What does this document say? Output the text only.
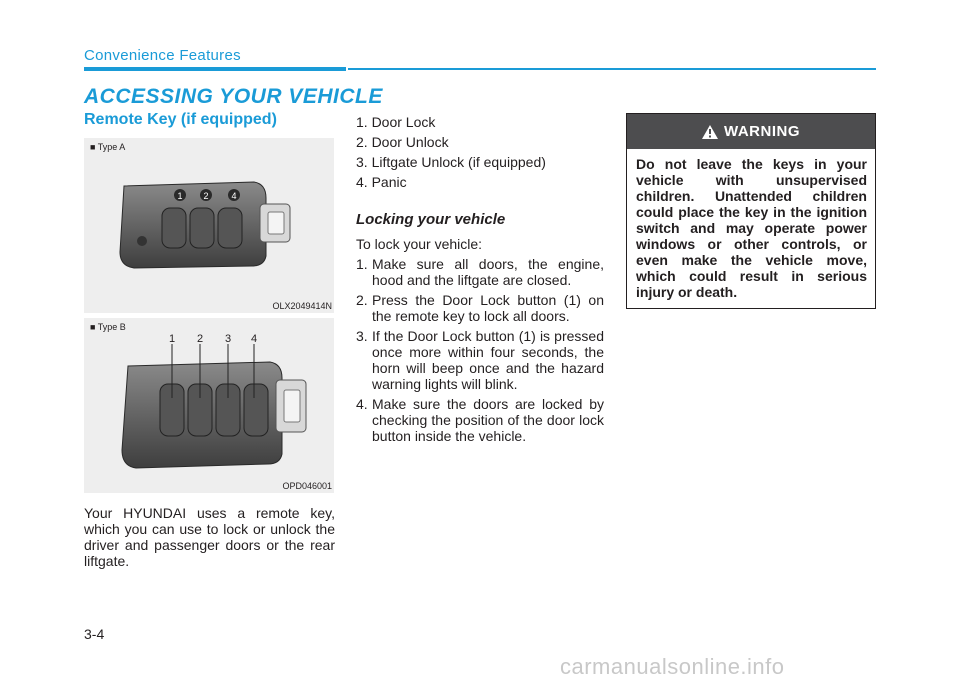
Convenience Features
ACCESSING YOUR VEHICLE
Remote Key (if equipped)
■ Type A
1 2	4
OLX2049414N
■ Type B
1 2 3 4
OPD046001

Your HYUNDAI uses a remote key, which you can use to lock or unlock the driver and passenger doors or the rear liftgate.

1. Door Lock

2. Door Unlock

3. Liftgate Unlock (if equipped)

4. Panic

Locking your vehicle

To lock your vehicle:

1. Make sure all doors, the engine, hood and the liftgate are closed.
2. Press the Door Lock button (1) on the remote key to lock all doors.
3. If the Door Lock button (1) is pressed once more within four seconds, the horn will beep once and the hazard warning lights will blink.
4. Make sure the doors are locked by checking the position of the door lock button inside the vehicle.
WARNING
Do not leave the keys in your vehicle with unsupervised children. Unattended children could place the key in the ignition switch and may operate power windows or other controls, or even make the vehicle move, which could result in serious injury or death.
3-4
carmanualsonline.info
